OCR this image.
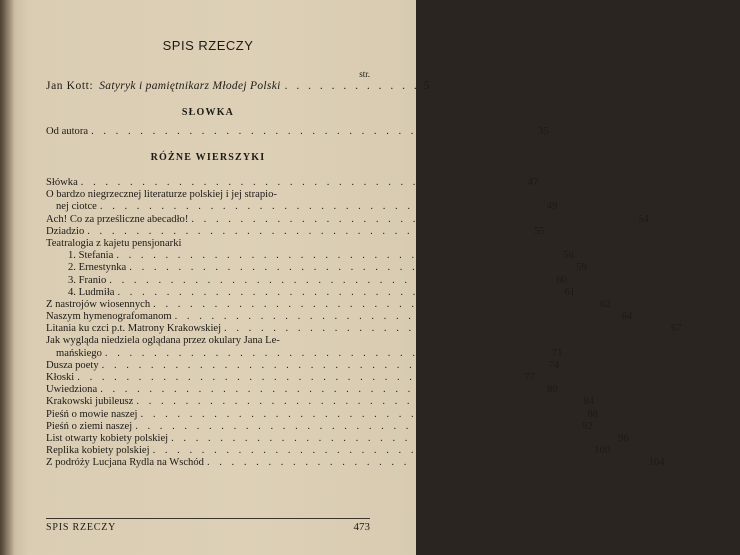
SPIS RZECZY
str.
Jan Kott: Satyryk i pamiętnikarz Młodej Polski . . . . . . . . . . . . 5
SŁOWKA
Od autora . . . . . . . . . . . . . . . . . . . . . . . . . . . . . . . . . . . . 35
RÓŻNE WIERSZYKI
Słówka . . . . . . . . . . . . . . . . . . . . . . . . . . . . . . . . . . . . 47
O bardzo niegrzecznej literaturze polskiej i jej strapio-
nej ciotce . . . . . . . . . . . . . . . . . . . . . . . . . . . . . . . . . . . . 49
Ach! Co za prześliczne abecadło! . . . . . . . . . . . . . . . . . . . . . . . . . . . . . . . . . . . . 54
Dziadzio . . . . . . . . . . . . . . . . . . . . . . . . . . . . . . . . . . . . 55
Teatralogia z kajetu pensjonarki
1. Stefania . . . . . . . . . . . . . . . . . . . . . . . . . . . . . . . . . . . . 56
2. Ernestynka . . . . . . . . . . . . . . . . . . . . . . . . . . . . . . . . . . . . 59
3. Franio . . . . . . . . . . . . . . . . . . . . . . . . . . . . . . . . . . . . 60
4. Ludmiła . . . . . . . . . . . . . . . . . . . . . . . . . . . . . . . . . . . . 61
Z nastrojów wiosennych . . . . . . . . . . . . . . . . . . . . . . . . . . . . . . . . . . . . 62
Naszym hymenografomanom . . . . . . . . . . . . . . . . . . . . . . . . . . . . . . . . . . . . 64
Litania ku czci p.t. Matrony Krakowskiej . . . . . . . . . . . . . . . . . . . . . . . . . . . . . . . . . . . . 67
Jak wygląda niedziela oglądana przez okulary Jana Le-
mańskiego . . . . . . . . . . . . . . . . . . . . . . . . . . . . . . . . . . . . 71
Dusza poety . . . . . . . . . . . . . . . . . . . . . . . . . . . . . . . . . . . . 74
Kłoski . . . . . . . . . . . . . . . . . . . . . . . . . . . . . . . . . . . . 77
Uwiedziona . . . . . . . . . . . . . . . . . . . . . . . . . . . . . . . . . . . . 80
Krakowski jubileusz . . . . . . . . . . . . . . . . . . . . . . . . . . . . . . . . . . . . 84
Pieśń o mowie naszej . . . . . . . . . . . . . . . . . . . . . . . . . . . . . . . . . . . . 88
Pieśń o ziemi naszej . . . . . . . . . . . . . . . . . . . . . . . . . . . . . . . . . . . . 92
List otwarty kobiety polskiej . . . . . . . . . . . . . . . . . . . . . . . . . . . . . . . . . . . . 96
Replika kobiety polskiej . . . . . . . . . . . . . . . . . . . . . . . . . . . . . . . . . . . . 100
Z podróży Lucjana Rydla na Wschód . . . . . . . . . . . . . . . . . . . . . . . . . . . . . . . . . . . . 104
SPIS RZECZY	473
